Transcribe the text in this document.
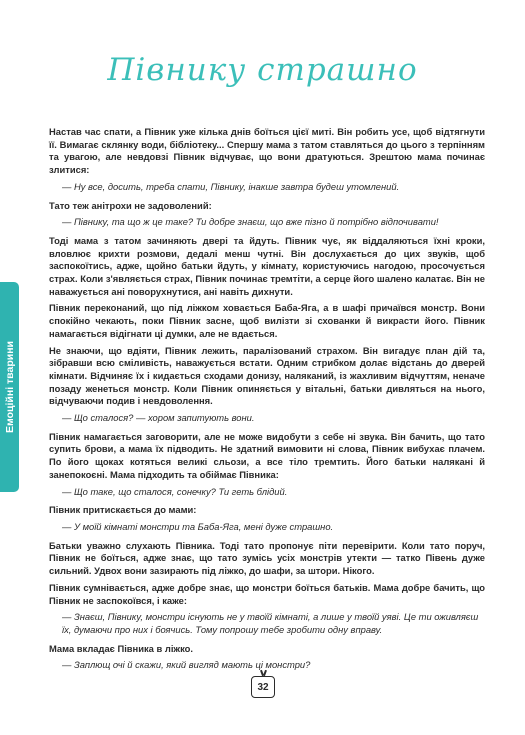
Півнику страшно
Емоційні тварини

Настав час спати, а Півник уже кілька днів боїться цієї миті. Він робить усе, щоб відтягнути її. Вимагає склянку води, бібліотеку... Спершу мама з татом ставляться до цього з терпінням та увагою, але невдовзі Півник відчуває, що вони дратуються. Зрештою мама починає злитися:

— Ну все, досить, треба спати, Півнику, інакше завтра будеш утомлений.

Тато теж анітрохи не задоволений:

— Півнику, та що ж це таке? Ти добре знаєш, що вже пізно й потрібно відпочивати!

Тоді мама з татом зачиняють двері та йдуть. Півник чує, як віддаляються їхні кроки, вловлює крихти розмови, дедалі менш чутні. Він дослухається до цих звуків, щоб заспокоїтись, адже, щойно батьки йдуть, у кімнату, користуючись нагодою, просочується страх. Коли з'являється страх, Півник починає тремтіти, а серце його шалено калатає. Він не наважується ані поворухнутися, ані навіть дихнути.

Півник переконаний, що під ліжком ховається Баба-Яга, а в шафі причаївся монстр. Вони спокійно чекають, поки Півник засне, щоб вилізти зі схованки й викрасти його. Півник намагається відігнати ці думки, але не вдається.

Не знаючи, що вдіяти, Півник лежить, паралізований страхом. Він вигадує план дій та, зібравши всю сміливість, наважується встати. Одним стрибком долає відстань до дверей кімнати. Відчиняє їх і кидається сходами донизу, наляканий, із жахливим відчуттям, неначе позаду женеться монстр. Коли Півник опиняється у вітальні, батьки дивляться на нього, відчуваючи подив і невдоволення.

— Що сталося? — хором запитують вони.

Півник намагається заговорити, але не може видобути з себе ні звука. Він бачить, що тато супить брови, а мама їх підводить. Не здатний вимовити ні слова, Півник вибухає плачем. По його щоках котяться великі сльози, а все тіло тремтить. Його батьки налякані й занепокоєні. Мама підходить та обіймає Півника:

— Що таке, що сталося, сонечку? Ти геть блідий.

Півник притискається до мами:

— У моїй кімнаті монстри та Баба-Яга, мені дуже страшно.

Батьки уважно слухають Півника. Тоді тато пропонує піти перевірити. Коли тато поруч, Півник не боїться, адже знає, що тато зумісь усіх монстрів утекти — татко Півень дуже сильний. Удвох вони зазирають під ліжко, до шафи, за штори. Нікого.

Півник сумнівається, адже добре знає, що монстри боїться батьків. Мама добре бачить, що Півник не заспокоївся, і каже:

— Знаєш, Півнику, монстри існують не у твоїй кімнаті, а лише у твоїй уяві. Це ти оживляєш їх, думаючи про них і боячись. Тому попрошу тебе зробити одну вправу.

Мама вкладає Півника в ліжко.

— Заплющ очі й скажи, який вигляд мають ці монстри?

32
